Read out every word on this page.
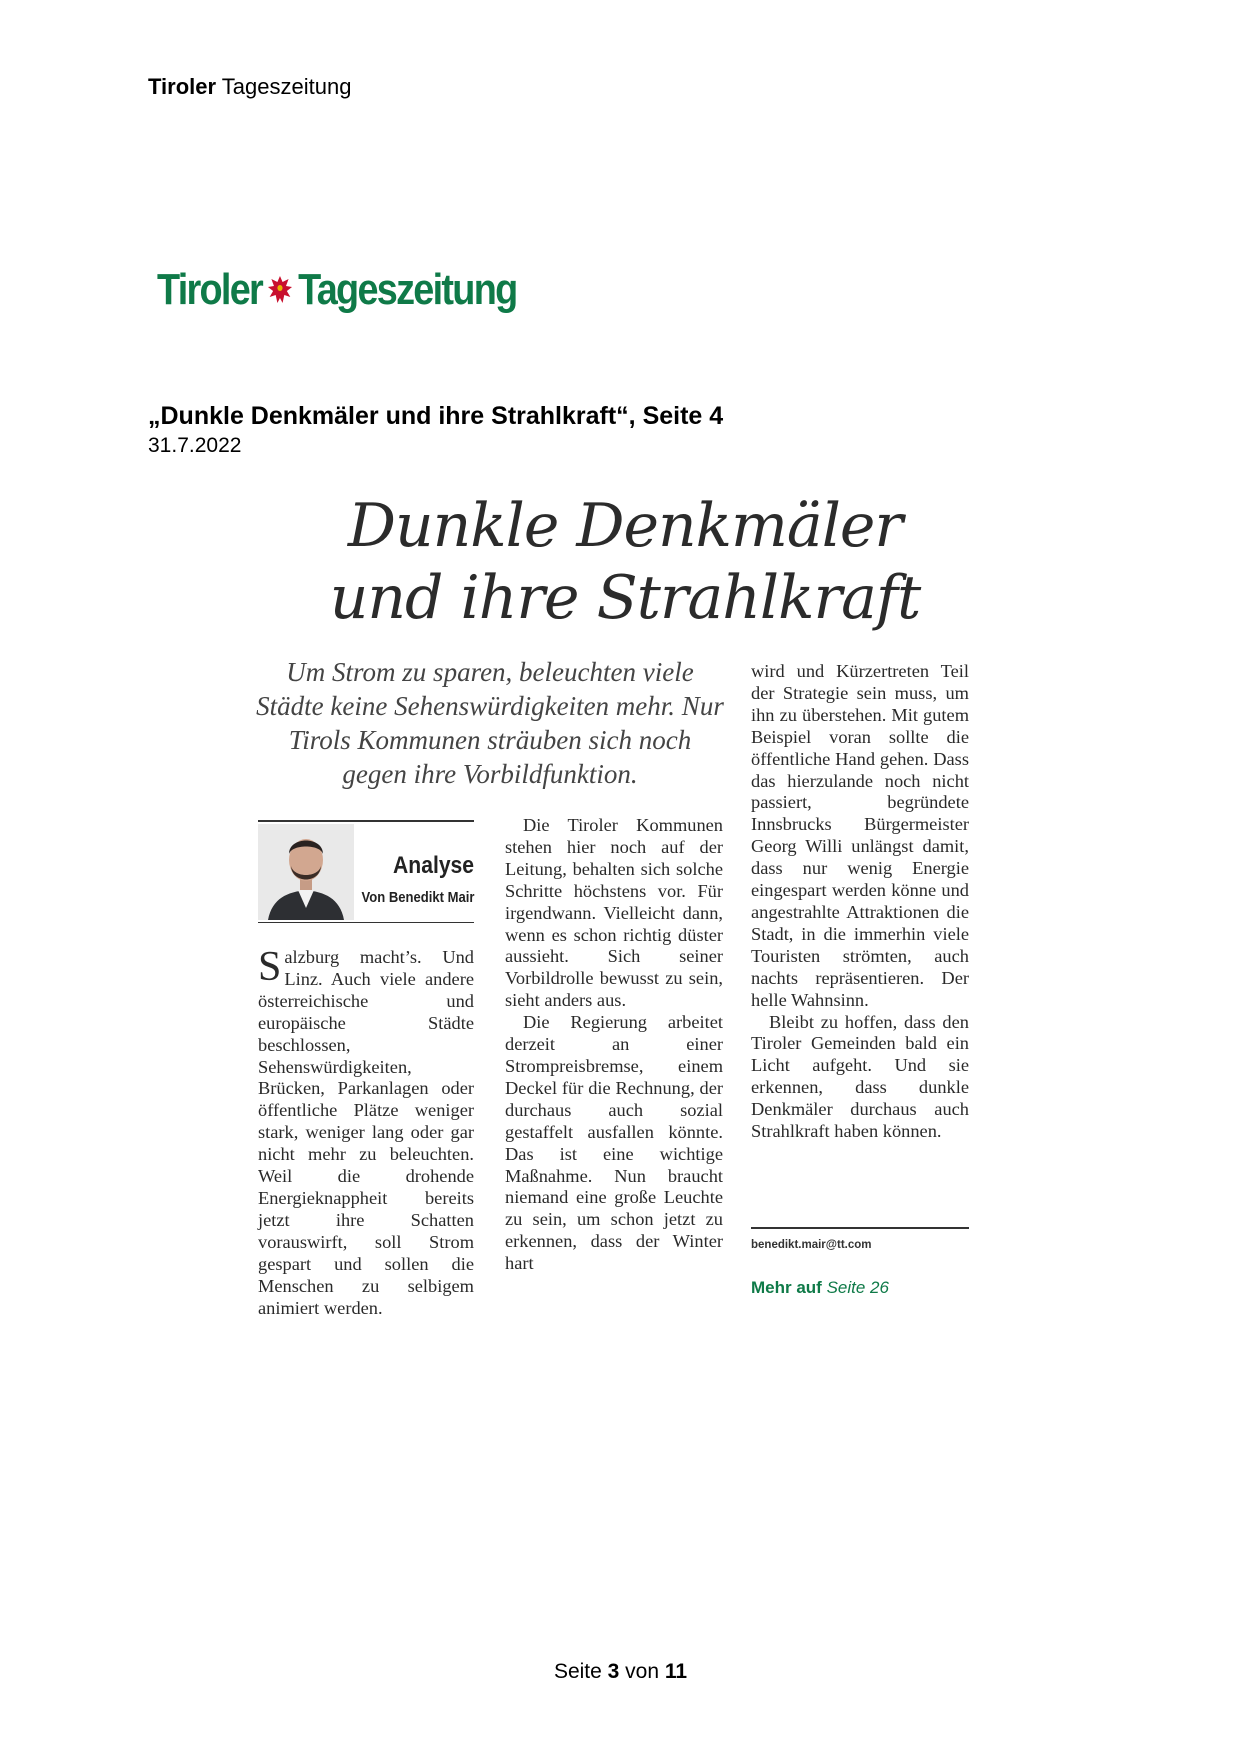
Tiroler Tageszeitung
Tiroler Tageszeitung
„Dunkle Denkmäler und ihre Strahlkraft“, Seite 4
31.7.2022
Dunkle Denkmäler
und ihre Strahlkraft
Um Strom zu sparen, beleuchten viele Städte keine Sehenswürdigkeiten mehr. Nur Tirols Kommunen sträuben sich noch gegen ihre Vorbildfunktion.
Analyse
Von Benedikt Mair

Salzburg macht’s. Und Linz. Auch viele andere österreichische und europäische Städte beschlossen, Sehenswürdigkeiten, Brücken, Parkanlagen oder öffentliche Plätze weniger stark, weniger lang oder gar nicht mehr zu beleuchten. Weil die drohende Energieknappheit bereits jetzt ihre Schatten vorauswirft, soll Strom gespart und sollen die Menschen zu selbigem animiert werden.

Die Tiroler Kommunen stehen hier noch auf der Leitung, behalten sich solche Schritte höchstens vor. Für irgendwann. Vielleicht dann, wenn es schon richtig düster aussieht. Sich seiner Vorbildrolle bewusst zu sein, sieht anders aus.

Die Regierung arbeitet derzeit an einer Strompreisbremse, einem Deckel für die Rechnung, der durchaus auch sozial gestaffelt ausfallen könnte. Das ist eine wichtige Maßnahme. Nun braucht niemand eine große Leuchte zu sein, um schon jetzt zu erkennen, dass der Winter hart

wird und Kürzertreten Teil der Strategie sein muss, um ihn zu überstehen. Mit gutem Beispiel voran sollte die öffentliche Hand gehen. Dass das hierzulande noch nicht passiert, begründete Innsbrucks Bürgermeister Georg Willi unlängst damit, dass nur wenig Energie eingespart werden könne und angestrahlte Attraktionen die Stadt, in die immerhin viele Touristen strömten, auch nachts repräsentieren. Der helle Wahnsinn.

Bleibt zu hoffen, dass den Tiroler Gemeinden bald ein Licht aufgeht. Und sie erkennen, dass dunkle Denkmäler durchaus auch Strahlkraft haben können.

benedikt.mair@tt.com
Mehr auf Seite 26
Seite 3 von 11
